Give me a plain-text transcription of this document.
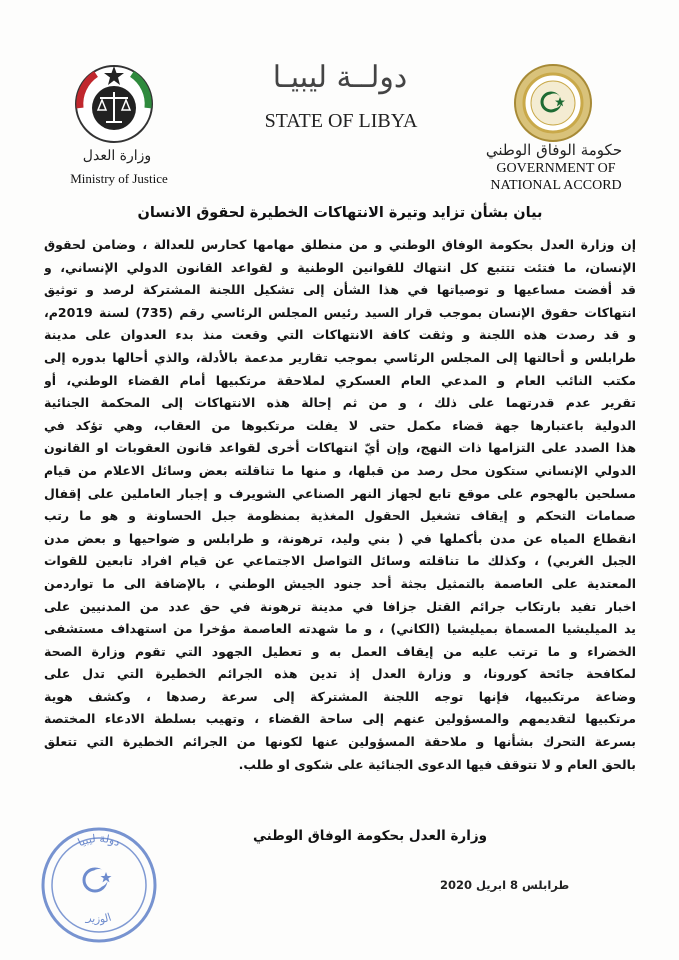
وزارة العدل
Ministry of Justice
دولــة ليبيـا
STATE OF LIBYA
حكومة الوفاق الوطني
GOVERNMENT OF
NATIONAL ACCORD
بيان بشأن تزايد وتيرة الانتهاكات الخطيرة لحقوق الانسان
إن وزارة العدل بحكومة الوفاق الوطني و من منطلق مهامها كحارس للعدالة ، وضامن لحقوق
الإنسان، ما فتئت تتتبع كل انتهاك للقوانين الوطنية و لقواعد القانون الدولي الإنساني، و
قد أفضت مساعيها و توصياتها في هذا الشأن إلى تشكيل اللجنة المشتركة لرصد و توثيق
انتهاكات حقوق الإنسان بموجب قرار السيد رئيس المجلس الرئاسي رقم (735) لسنة 2019م،
و قد رصدت هذه اللجنة و وثقت كافة الانتهاكات التي وقعت منذ بدء العدوان على مدينة
طرابلس و أحالتها إلى المجلس الرئاسي بموجب تقارير مدعمة بالأدلة، والذي أحالها بدوره إلى
مكتب النائب العام و المدعي العام العسكري لملاحقة مرتكبيها أمام القضاء الوطني، أو
تقرير عدم قدرتهما على ذلك ، و من ثم إحالة هذه الانتهاكات إلى المحكمة الجنائية
الدولية باعتبارها جهة قضاء مكمل حتى لا يفلت مرتكبوها من العقاب، وهي تؤكد في
هذا الصدد على التزامها ذات النهج، وإن أيّ انتهاكات أخرى لقواعد قانون العقوبات او القانون
الدولي الإنساني ستكون محل رصد من قبلها، و منها ما تناقلته بعض وسائل الاعلام من قيام
مسلحين بالهجوم على موقع تابع لجهاز النهر الصناعي الشويرف و إجبار العاملين على إقفال
صمامات التحكم و إيقاف تشغيل الحقول المغذية بمنظومة جبل الحساونة و هو ما رتب
انقطاع المياه عن مدن بأكملها في ( بني وليد، ترهونة، و طرابلس و ضواحيها و بعض مدن
الجبل الغربي) ، وكذلك ما تناقلته وسائل التواصل الاجتماعي عن قيام افراد تابعين للقوات
المعتدية على العاصمة بالتمثيل بجثة أحد جنود الجيش الوطني ، بالإضافة الى ما تواردمن
اخبار تفيد بارتكاب جرائم القتل جزافا في مدينة ترهونة في حق عدد من المدنيين على
يد الميليشيا المسماة بميليشيا (الكاني) ، و ما شهدته العاصمة مؤخرا من استهداف مستشفى
الخضراء و ما ترتب عليه من إيقاف العمل به و تعطيل الجهود التي تقوم وزارة الصحة
لمكافحة جائحة كورونا، و وزارة العدل إذ تدين هذه الجرائم الخطيرة التي تدل على
وضاعة مرتكبيها، فإنها توجه اللجنة المشتركة إلى سرعة رصدها ، وكشف هوية
مرتكبيها لتقديمهم والمسؤولين عنهم إلى ساحة القضاء ، وتهيب بسلطة الادعاء المختصة
بسرعة التحرك بشأنها و ملاحقة المسؤولين عنها لكونها من الجرائم الخطيرة التي تتعلق
بالحق العام و لا تتوقف فيها الدعوى الجنائية على شكوى او طلب.
وزارة العدل بحكومة الوفاق الوطني
طرابلس 8 ابريل 2020
دولة ليبيا
الوزير
